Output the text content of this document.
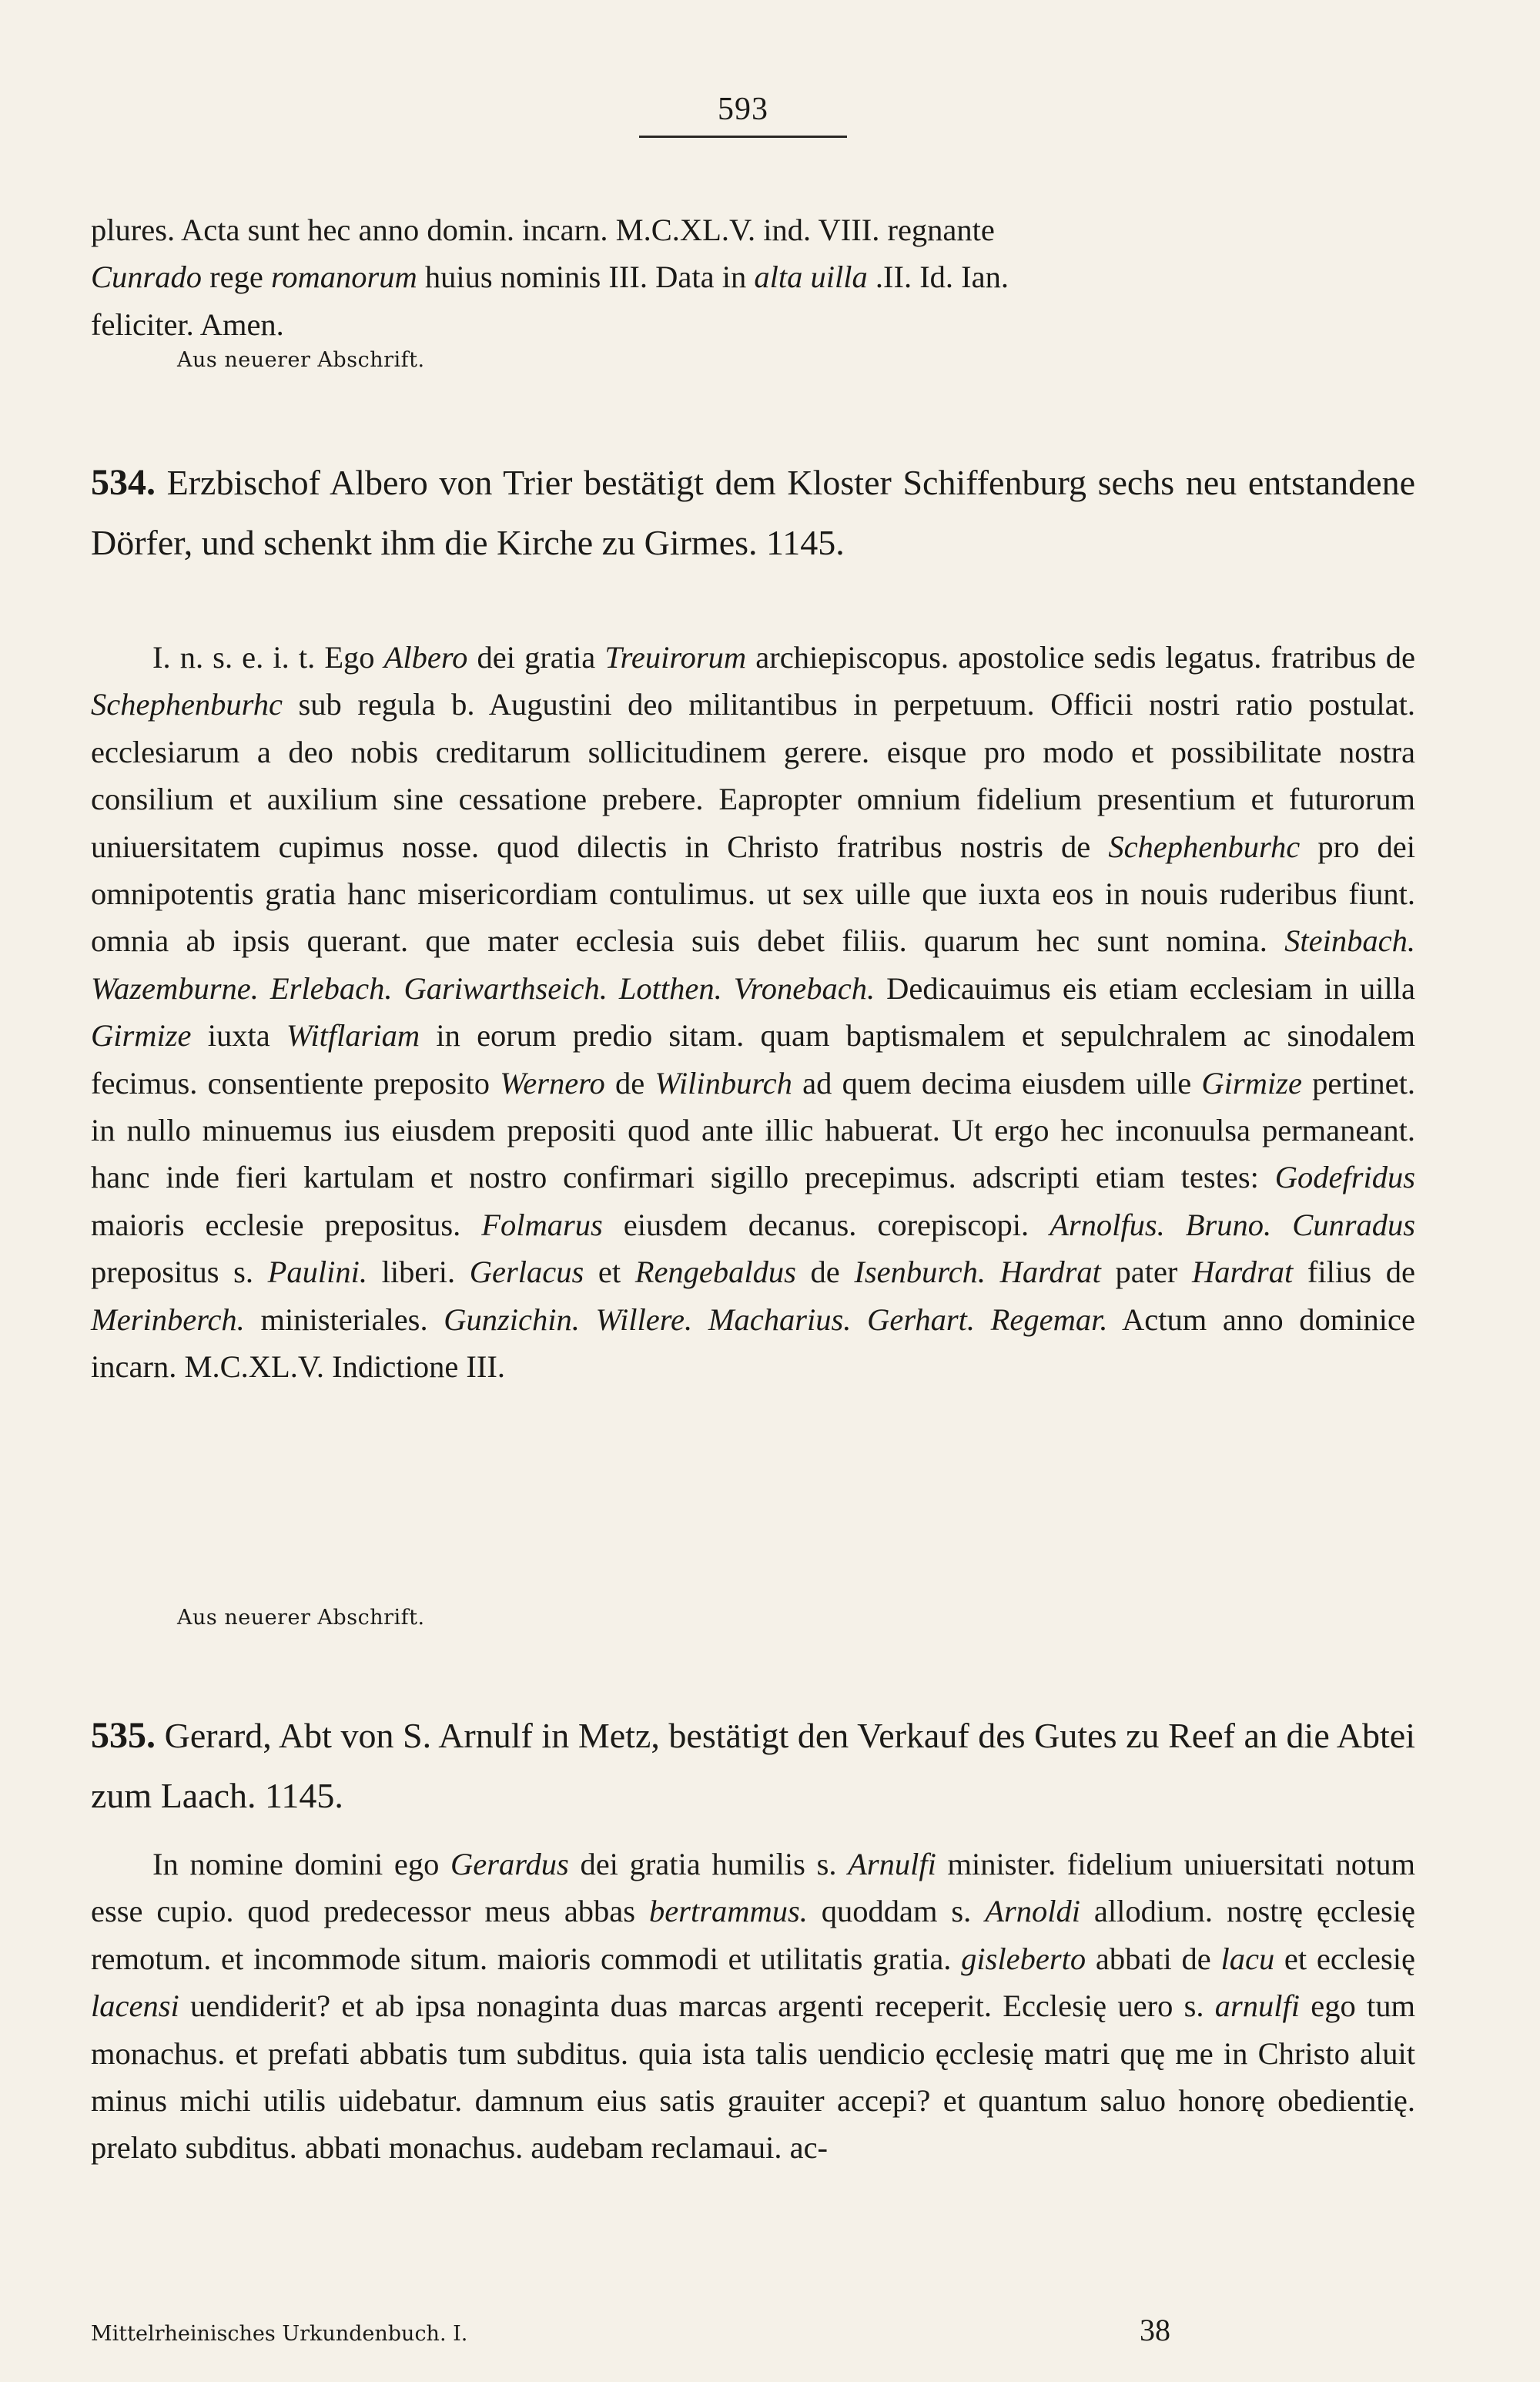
593

plures. Acta sunt hec anno domin. incarn. M.C.XL.V. ind. VIII. regnante

Cunrado rege romanorum huius nominis III. Data in alta uilla .II. Id. Ian.

feliciter. Amen.

Aus neuerer Abschrift.
534. Erzbischof Albero von Trier bestätigt dem Kloster Schiffenburg sechs neu entstandene Dörfer, und schenkt ihm die Kirche zu Girmes. 1145.

I. n. s. e. i. t. Ego Albero dei gratia Treuirorum archiepiscopus. apostolice sedis legatus. fratribus de Schephenburhc sub regula b. Augustini deo militantibus in perpetuum. Officii nostri ratio postulat. ecclesiarum a deo nobis creditarum sollicitudinem gerere. eisque pro modo et possibilitate nostra consilium et auxilium sine cessatione prebere. Eapropter omnium fidelium presentium et futurorum uniuersitatem cupimus nosse. quod dilectis in Christo fratribus nostris de Schephenburhc pro dei omnipotentis gratia hanc misericordiam contulimus. ut sex uille que iuxta eos in nouis ruderibus fiunt. omnia ab ipsis querant. que mater ecclesia suis debet filiis. quarum hec sunt nomina. Steinbach. Wazemburne. Erlebach. Gariwarthseich. Lotthen. Vronebach. Dedicauimus eis etiam ecclesiam in uilla Girmize iuxta Witflariam in eorum predio sitam. quam baptismalem et sepulchralem ac sinodalem fecimus. consentiente preposito Wernero de Wilinburch ad quem decima eiusdem uille Girmize pertinet. in nullo minuemus ius eiusdem prepositi quod ante illic habuerat. Ut ergo hec inconuulsa permaneant. hanc inde fieri kartulam et nostro confirmari sigillo precepimus. adscripti etiam testes: Godefridus maioris ecclesie prepositus. Folmarus eiusdem decanus. corepiscopi. Arnolfus. Bruno. Cunradus prepositus s. Paulini. liberi. Gerlacus et Rengebaldus de Isenburch. Hardrat pater Hardrat filius de Merinberch. ministeriales. Gunzichin. Willere. Macharius. Gerhart. Regemar. Actum anno dominice incarn. M.C.XL.V. Indictione III.

Aus neuerer Abschrift.
535. Gerard, Abt von S. Arnulf in Metz, bestätigt den Verkauf des Gutes zu Reef an die Abtei zum Laach. 1145.

In nomine domini ego Gerardus dei gratia humilis s. Arnulfi minister. fidelium uniuersitati notum esse cupio. quod predecessor meus abbas bertrammus. quoddam s. Arnoldi allodium. nostrę ęcclesię remotum. et incommode situm. maioris commodi et utilitatis gratia. gisleberto abbati de lacu et ecclesię lacensi uendiderit? et ab ipsa nonaginta duas marcas argenti receperit. Ecclesię uero s. arnulfi ego tum monachus. et prefati abbatis tum subditus. quia ista talis uendicio ęcclesię matri quę me in Christo aluit minus michi utilis uidebatur. damnum eius satis grauiter accepi? et quantum saluo honorę obedientię. prelato subditus. abbati monachus. audebam reclamaui. ac-

Mittelrheinisches Urkundenbuch. I.	38
